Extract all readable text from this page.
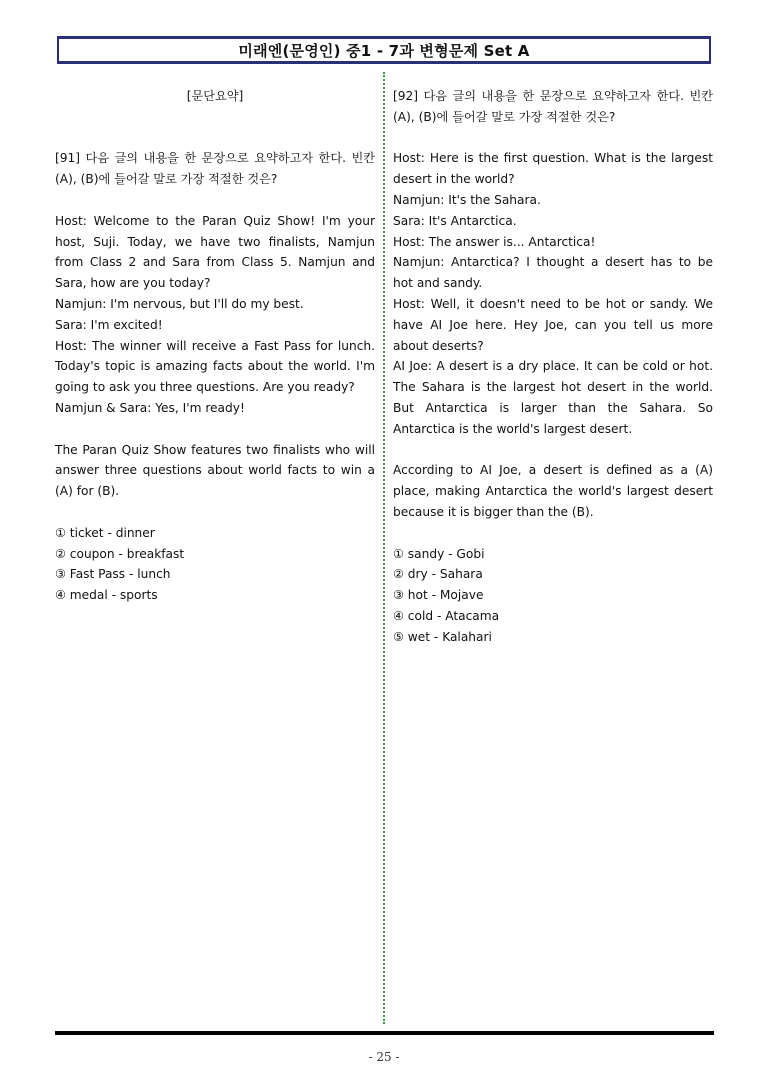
미래엔(문영인) 중1 - 7과 변형문제 Set A

[문단요약]

[91] 다음 글의 내용을 한 문장으로 요약하고자 한다. 빈칸 (A), (B)에 들어갈 말로 가장 적절한 것은?

Host: Welcome to the Paran Quiz Show! I'm your host, Suji. Today, we have two finalists, Namjun from Class 2 and Sara from Class 5. Namjun and Sara, how are you today?

Namjun: I'm nervous, but I'll do my best.

Sara: I'm excited!

Host: The winner will receive a Fast Pass for lunch. Today's topic is amazing facts about the world. I'm going to ask you three questions. Are you ready?

Namjun & Sara: Yes, I'm ready!

The Paran Quiz Show features two finalists who will answer three questions about world facts to win a (A) for (B).

① ticket - dinner

② coupon - breakfast

③ Fast Pass - lunch

④ medal - sports

[92] 다음 글의 내용을 한 문장으로 요약하고자 한다. 빈칸 (A), (B)에 들어갈 말로 가장 적절한 것은?

Host: Here is the first question. What is the largest desert in the world?

Namjun: It's the Sahara.

Sara: It's Antarctica.

Host: The answer is... Antarctica!

Namjun: Antarctica? I thought a desert has to be hot and sandy.

Host: Well, it doesn't need to be hot or sandy. We have AI Joe here. Hey Joe, can you tell us more about deserts?

AI Joe: A desert is a dry place. It can be cold or hot. The Sahara is the largest hot desert in the world. But Antarctica is larger than the Sahara. So Antarctica is the world's largest desert.

According to AI Joe, a desert is defined as a (A) place, making Antarctica the world's largest desert because it is bigger than the (B).

① sandy - Gobi

② dry - Sahara

③ hot - Mojave

④ cold - Atacama

⑤ wet - Kalahari

- 25 -
